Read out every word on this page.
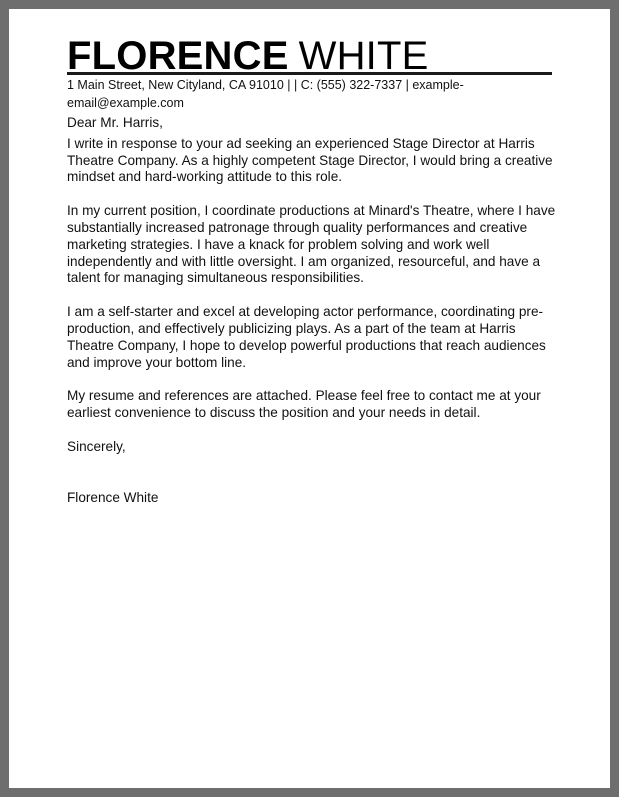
FLORENCE WHITE
1 Main Street, New Cityland, CA 91010 | | C: (555) 322-7337 | example-email@example.com

Dear Mr. Harris,

I write in response to your ad seeking an experienced Stage Director at Harris Theatre Company. As a highly competent Stage Director, I would bring a creative mindset and hard-working attitude to this role.

In my current position, I coordinate productions at Minard's Theatre, where I have substantially increased patronage through quality performances and creative marketing strategies. I have a knack for problem solving and work well independently and with little oversight. I am organized, resourceful, and have a talent for managing simultaneous responsibilities.

I am a self-starter and excel at developing actor performance, coordinating pre-production, and effectively publicizing plays. As a part of the team at Harris Theatre Company, I hope to develop powerful productions that reach audiences and improve your bottom line.

My resume and references are attached. Please feel free to contact me at your earliest convenience to discuss the position and your needs in detail.

Sincerely,

Florence White
